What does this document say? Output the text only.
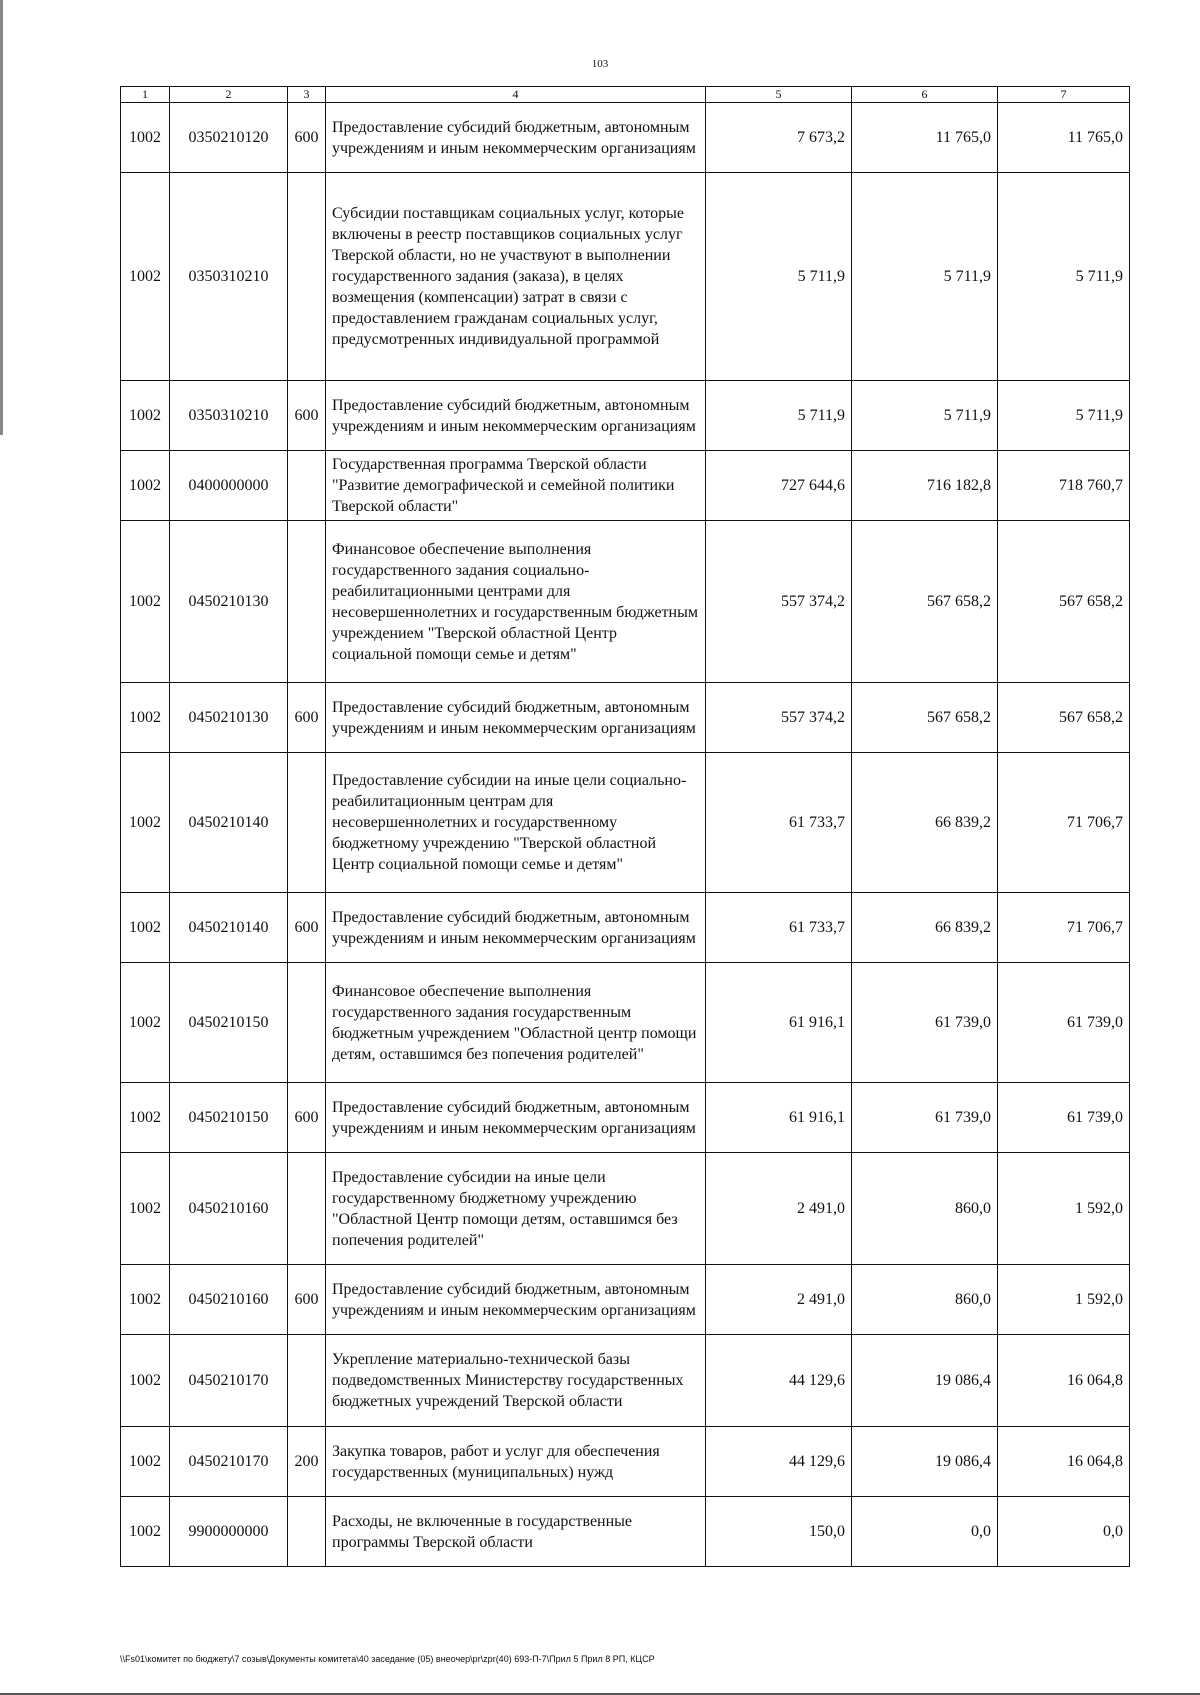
103
1	2	3	4	5	6	7
1002	0350210120	600	Предоставление субсидий бюджетным, автономным учреждениям и иным некоммерческим организациям	7 673,2	11 765,0	11 765,0
1002	0350310210		Субсидии поставщикам социальных услуг, которые включены в реестр поставщиков социальных услуг Тверской области, но не участвуют в выполнении государственного задания (заказа), в целях возмещения (компенсации) затрат в связи с предоставлением гражданам социальных услуг, предусмотренных индивидуальной программой	5 711,9	5 711,9	5 711,9
1002	0350310210	600	Предоставление субсидий бюджетным, автономным учреждениям и иным некоммерческим организациям	5 711,9	5 711,9	5 711,9
1002	0400000000		Государственная программа Тверской области "Развитие демографической и семейной политики Тверской области"	727 644,6	716 182,8	718 760,7
1002	0450210130		Финансовое обеспечение выполнения государственного задания социально-реабилитационными центрами для несовершеннолетних и государственным бюджетным учреждением "Тверской областной Центр социальной помощи семье и детям"	557 374,2	567 658,2	567 658,2
1002	0450210130	600	Предоставление субсидий бюджетным, автономным учреждениям и иным некоммерческим организациям	557 374,2	567 658,2	567 658,2
1002	0450210140		Предоставление субсидии на иные цели социально-реабилитационным центрам для несовершеннолетних и государственному бюджетному учреждению "Тверской областной Центр социальной помощи семье и детям"	61 733,7	66 839,2	71 706,7
1002	0450210140	600	Предоставление субсидий бюджетным, автономным учреждениям и иным некоммерческим организациям	61 733,7	66 839,2	71 706,7
1002	0450210150		Финансовое обеспечение выполнения государственного задания государственным бюджетным учреждением "Областной центр помощи детям, оставшимся без попечения родителей"	61 916,1	61 739,0	61 739,0
1002	0450210150	600	Предоставление субсидий бюджетным, автономным учреждениям и иным некоммерческим организациям	61 916,1	61 739,0	61 739,0
1002	0450210160		Предоставление субсидии на иные цели государственному бюджетному учреждению "Областной Центр помощи детям, оставшимся без попечения родителей"	2 491,0	860,0	1 592,0
1002	0450210160	600	Предоставление субсидий бюджетным, автономным учреждениям и иным некоммерческим организациям	2 491,0	860,0	1 592,0
1002	0450210170		Укрепление материально-технической базы подведомственных Министерству государственных бюджетных учреждений Тверской области	44 129,6	19 086,4	16 064,8
1002	0450210170	200	Закупка товаров, работ и услуг для обеспечения государственных (муниципальных) нужд	44 129,6	19 086,4	16 064,8
1002	9900000000		Расходы, не включенные в государственные программы Тверской области	150,0	0,0	0,0
\\Fs01\комитет по бюджету\7 созыв\Документы комитета\40 заседание (05) внеочер\pr\zpr(40) 693-П-7\Прил 5 Прил 8 РП, КЦСР
